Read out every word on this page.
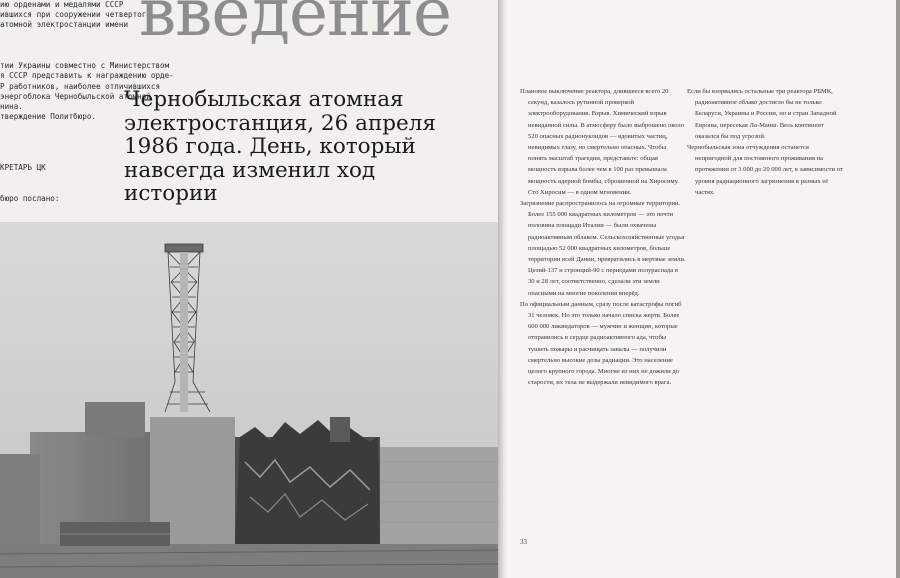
ию орденами и медалями СССР
ившихся при сооружении четвертого
атомной электростанции имени

тии Украины совместно с Министерством
я СССР представить к награждению орде-
Р работников, наиболее отличившихся
энергоблока Чернобыльской атомной
нина.
тверждение Политбюро.

КРЕТАРЬ ЦК

бюро послано:

введение
Чернобыльская атомная электростанция, 26 апреля 1986 года. День, который навсегда изменил ход истории

Плановое выключение реактора, длившееся всего 20 секунд, казалось рутинной проверкой электрооборудования. Взрыв. Химический взрыв невиданной силы. В атмосферу было выброшено около 520 опасных радионуклидов — ядовитых частиц, невидимых глазу, но смертельно опасных. Чтобы понять масштаб трагедии, представьте: общая мощность взрыва более чем в 100 раз превышала мощность ядерной бомбы, сброшенной на Хиросиму. Сто Хиросим — в одном мгновении.

Загрязнение распространилось на огромные территории. Более 155 000 квадратных километров — это почти половина площади Италии — были охвачены радиоактивным облаком. Сельскохозяйственные угодья площадью 52 000 квадратных километров, больше территории всей Дании, превратились в мертвые земли. Цезий-137 и стронций-90 с периодами полураспада в 30 и 28 лет, соответственно, сделали эти земли опасными на многие поколения вперёд.

По официальным данным, сразу после катастрофы погиб 31 человек. Но это только начало списка жертв. Более 600 000 ликвидаторов — мужчин и женщин, которые отправились в сердце радиоактивного ада, чтобы тушить пожары и расчищать завалы — получили смертельно высокие дозы радиации. Это население целого крупного города. Многие из них не дожили до старости, их тела не выдержали невидимого врага.

Если бы взорвались остальные три реактора РБМК, радиоактивное облако достигло бы не только Беларуси, Украины и России, но и стран Западной Европы, пересекая Ла-Манш. Весь континент оказался бы под угрозой.

Чернобыльская зона отчуждения останется непригодной для постоянного проживания на протяжении от 3 000 до 20 000 лет, в зависимости от уровня радиационного загрязнения в разных её частях.

33
